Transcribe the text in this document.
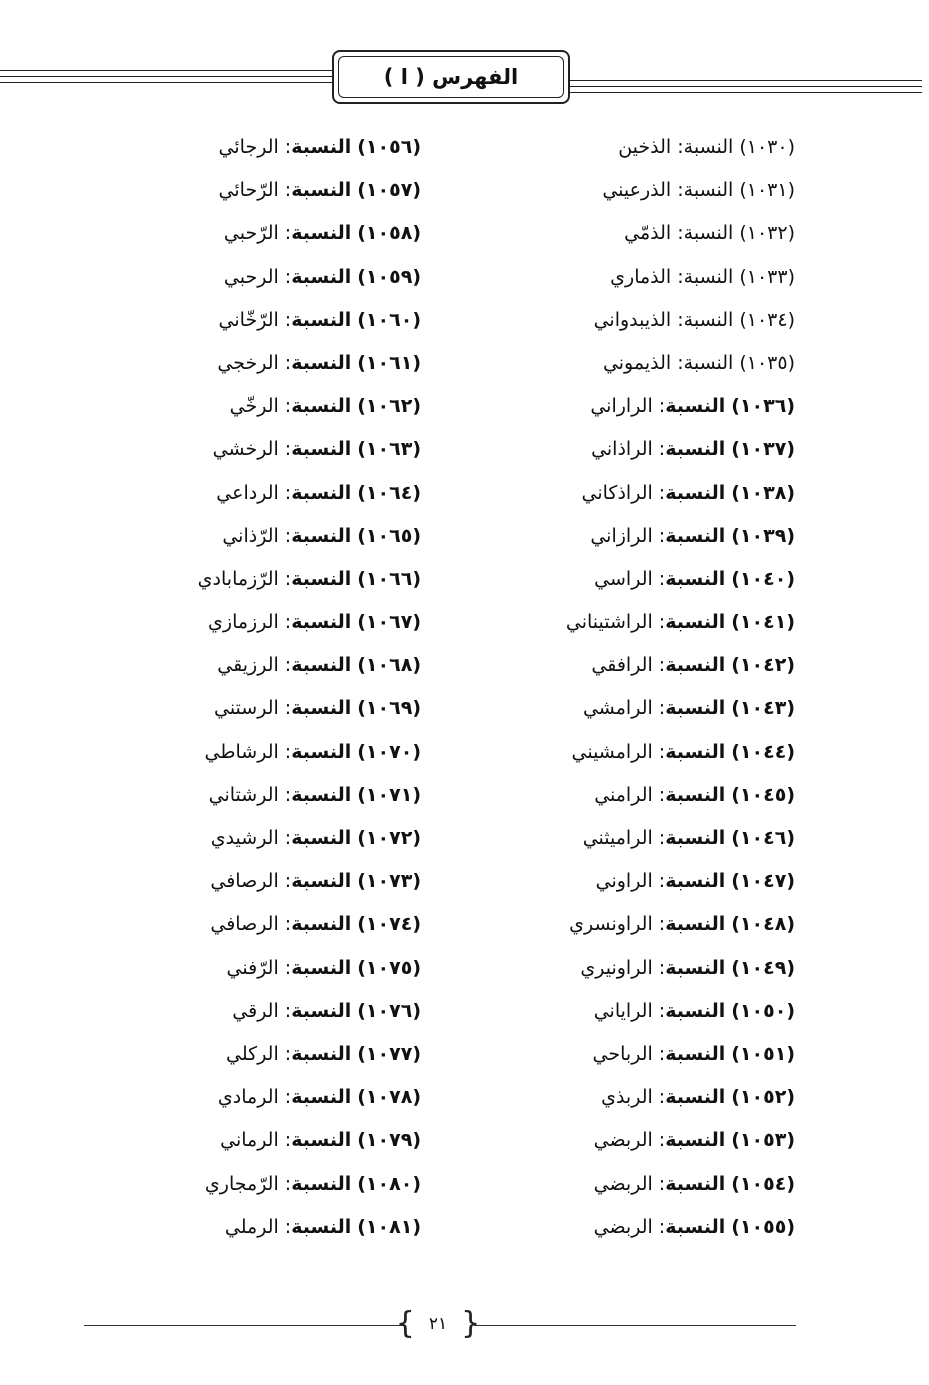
الفهرس ( ا )
(١٠٣٠)النسبة: الذخين
(١٠٣١)النسبة: الذرعيني
(١٠٣٢)النسبة: الذمّي
(١٠٣٣)النسبة: الذماري
(١٠٣٤)النسبة: الذيبدواني
(١٠٣٥)النسبة: الذيموني
(١٠٣٦)النسبة: الراراني
(١٠٣٧)النسبة: الراذاني
(١٠٣٨)النسبة: الراذكاني
(١٠٣٩)النسبة: الرازاني
(١٠٤٠)النسبة: الراسي
(١٠٤١)النسبة: الراشتيناني
(١٠٤٢)النسبة: الرافقي
(١٠٤٣)النسبة: الرامشي
(١٠٤٤)النسبة: الرامشيني
(١٠٤٥)النسبة: الرامني
(١٠٤٦)النسبة: الراميثني
(١٠٤٧)النسبة: الراوني
(١٠٤٨)النسبة: الراونسري
(١٠٤٩)النسبة: الراونيري
(١٠٥٠)النسبة: الراياني
(١٠٥١)النسبة: الرباحي
(١٠٥٢)النسبة: الربذي
(١٠٥٣)النسبة: الربضي
(١٠٥٤)النسبة: الربضي
(١٠٥٥)النسبة: الربضي
(١٠٥٦)النسبة: الرجائي
(١٠٥٧)النسبة: الرّحائي
(١٠٥٨)النسبة: الرّحبي
(١٠٥٩)النسبة: الرحبي
(١٠٦٠)النسبة: الرّخّاني
(١٠٦١)النسبة: الرخجي
(١٠٦٢)النسبة: الرخّي
(١٠٦٣)النسبة: الرخشي
(١٠٦٤)النسبة: الرداعي
(١٠٦٥)النسبة: الرّذاني
(١٠٦٦)النسبة: الرّزمابادي
(١٠٦٧)النسبة: الرزمازي
(١٠٦٨)النسبة: الرزيقي
(١٠٦٩)النسبة: الرستني
(١٠٧٠)النسبة: الرشاطي
(١٠٧١)النسبة: الرشتاني
(١٠٧٢)النسبة: الرشيدي
(١٠٧٣)النسبة: الرصافي
(١٠٧٤)النسبة: الرصافي
(١٠٧٥)النسبة: الرّفني
(١٠٧٦)النسبة: الرقي
(١٠٧٧)النسبة: الركلي
(١٠٧٨)النسبة: الرمادي
(١٠٧٩)النسبة: الرماني
(١٠٨٠)النسبة: الرّمجاري
(١٠٨١)النسبة: الرملي
{ ٢١ }
